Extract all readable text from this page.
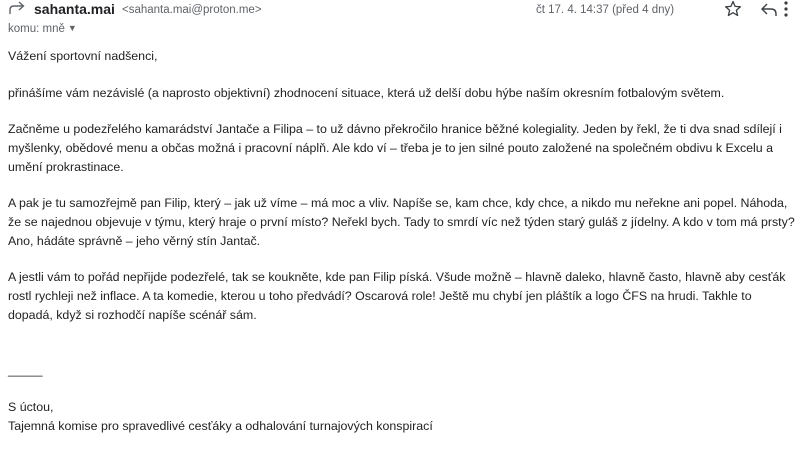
sahanta.mai <sahanta.mai@proton.me>
komu: mně ▼
čt 17. 4. 14:37 (před 4 dny)

Vážení sportovní nadšenci,

přinášíme vám nezávislé (a naprosto objektivní) zhodnocení situace, která už delší dobu hýbe naším okresním fotbalovým světem.

Začněme u podezřelého kamarádství Jantače a Filipa – to už dávno překročilo hranice běžné kolegiality. Jeden by řekl, že ti dva snad sdílejí i myšlenky, obědové menu a občas možná i pracovní náplň. Ale kdo ví – třeba je to jen silné pouto založené na společném obdivu k Excelu a umění prokrastinace.

A pak je tu samozřejmě pan Filip, který – jak už víme – má moc a vliv. Napíše se, kam chce, kdy chce, a nikdo mu neřekne ani popel. Náhoda, že se najednou objevuje v týmu, který hraje o první místo? Neřekl bych. Tady to smrdí víc než týden starý guláš z jídelny. A kdo v tom má prsty? Ano, hádáte správně – jeho věrný stín Jantač.

A jestli vám to pořád nepřijde podezřelé, tak se koukněte, kde pan Filip píská. Všude možně – hlavně daleko, hlavně často, hlavně aby cesťák rostl rychleji než inflace. A ta komedie, kterou u toho předvádí? Oscarová role! Ještě mu chybí jen pláštík a logo ČFS na hrudi. Takhle to dopadá, když si rozhodčí napíše scénář sám.

_____
S úctou,
Tajemná komise pro spravedlivé cesťáky a odhalování turnajových konspirací
